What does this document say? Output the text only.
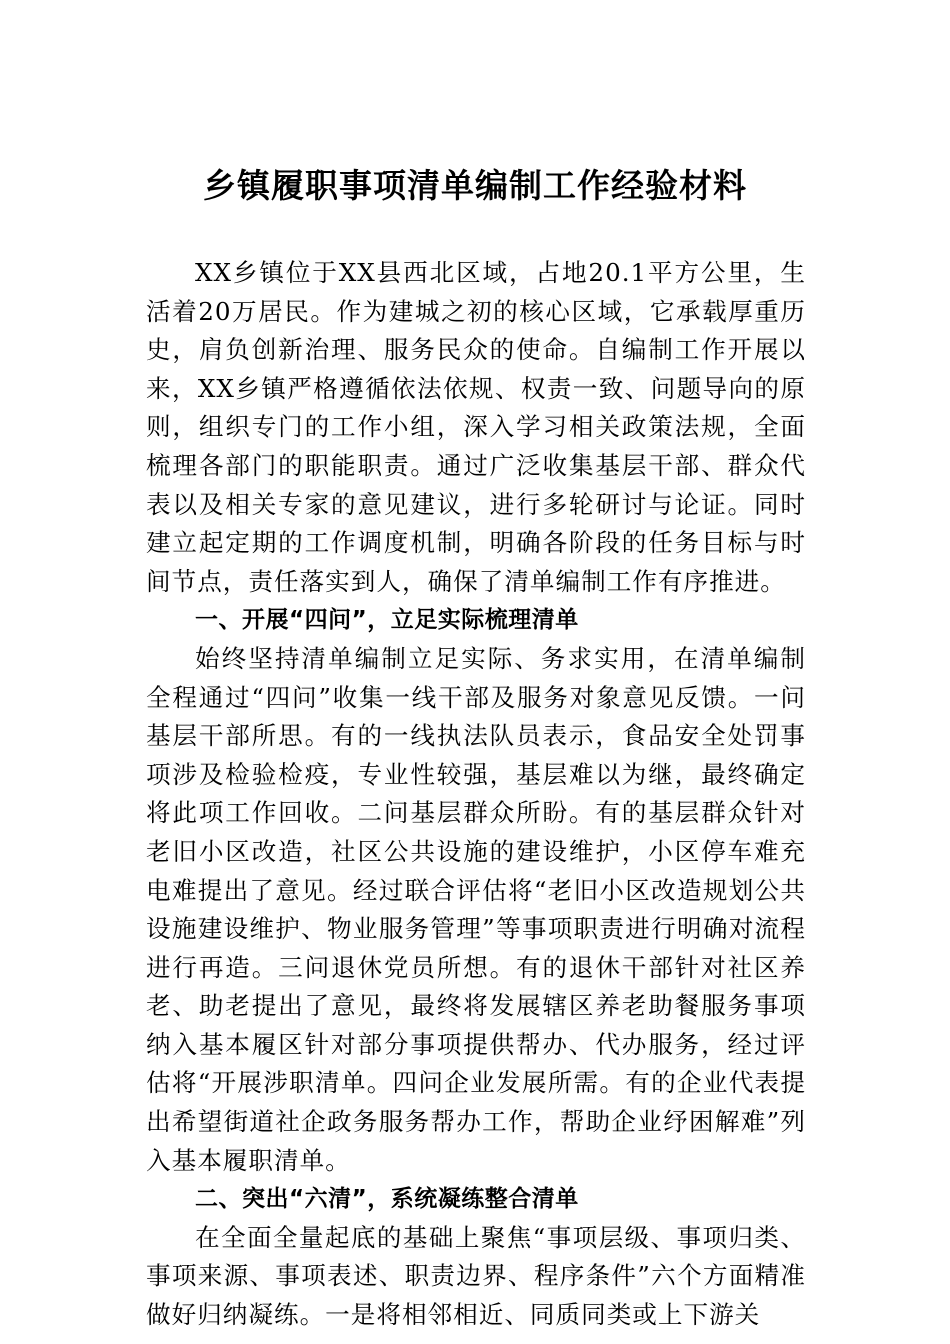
乡镇履职事项清单编制工作经验材料

XX乡镇位于XX县西北区域，占地20.1平方公里，生活着20万居民。作为建城之初的核心区域，它承载厚重历史，肩负创新治理、服务民众的使命。自编制工作开展以来，XX乡镇严格遵循依法依规、权责一致、问题导向的原则，组织专门的工作小组，深入学习相关政策法规，全面梳理各部门的职能职责。通过广泛收集基层干部、群众代表以及相关专家的意见建议，进行多轮研讨与论证。同时建立起定期的工作调度机制，明确各阶段的任务目标与时间节点，责任落实到人，确保了清单编制工作有序推进。

一、开展“四问”，立足实际梳理清单

始终坚持清单编制立足实际、务求实用，在清单编制全程通过“四问”收集一线干部及服务对象意见反馈。一问基层干部所思。有的一线执法队员表示，食品安全处罚事项涉及检验检疫，专业性较强，基层难以为继，最终确定将此项工作回收。二问基层群众所盼。有的基层群众针对老旧小区改造，社区公共设施的建设维护，小区停车难充电难提出了意见。经过联合评估将“老旧小区改造规划公共设施建设维护、物业服务管理”等事项职责进行明确对流程进行再造。三问退休党员所想。有的退休干部针对社区养老、助老提出了意见，最终将发展辖区养老助餐服务事项纳入基本履区针对部分事项提供帮办、代办服务，经过评估将“开展涉职清单。四问企业发展所需。有的企业代表提出希望街道社企政务服务帮办工作，帮助企业纾困解难”列入基本履职清单。

二、突出“六清”，系统凝练整合清单

在全面全量起底的基础上聚焦“事项层级、事项归类、事项来源、事项表述、职责边界、程序条件”六个方面精准做好归纳凝练。一是将相邻相近、同质同类或上下游关
